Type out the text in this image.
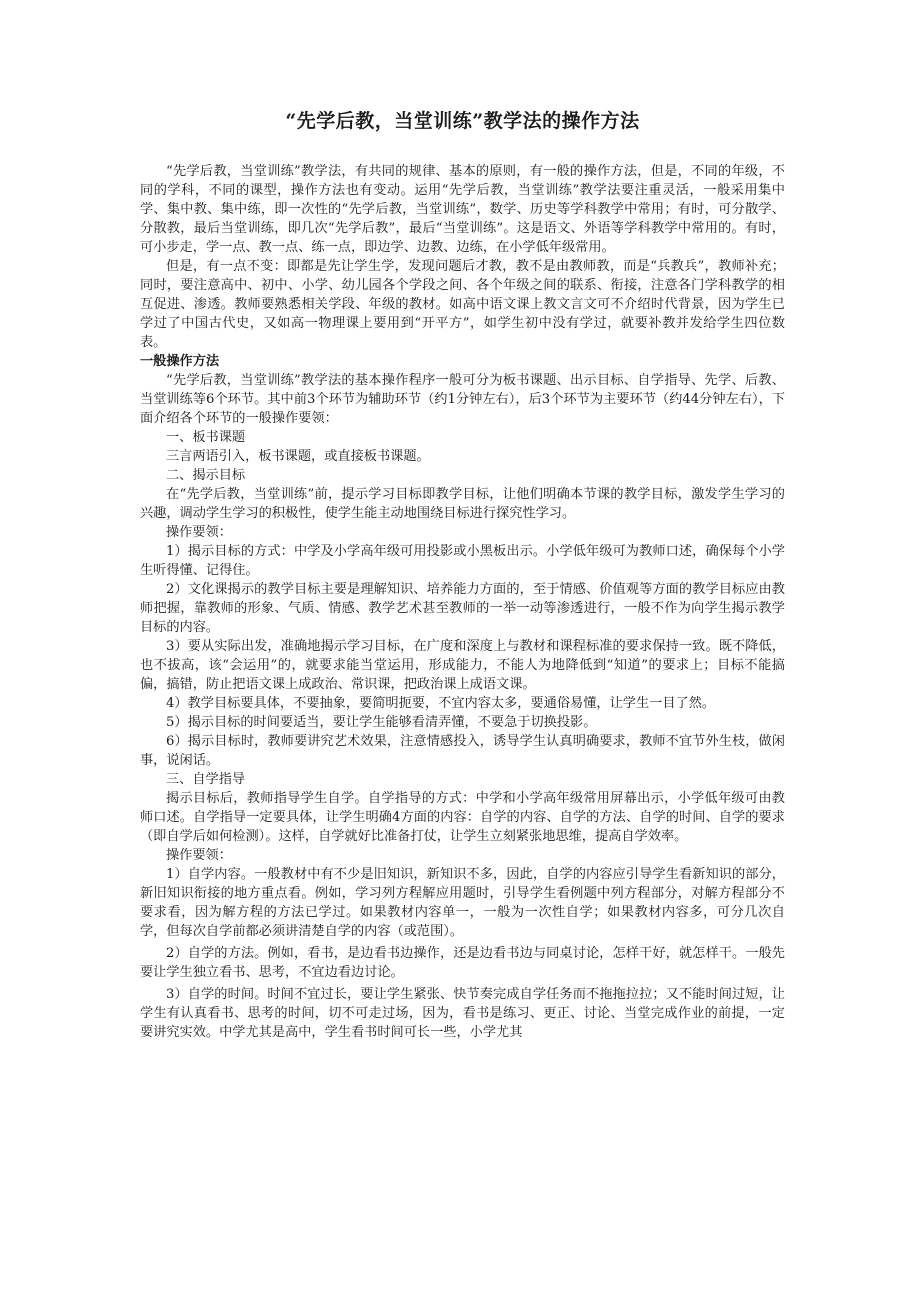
“先学后教，当堂训练”教学法的操作方法

“先学后教，当堂训练”教学法，有共同的规律、基本的原则，有一般的操作方法，但是，不同的年级，不同的学科，不同的课型，操作方法也有变动。运用“先学后教，当堂训练”教学法要注重灵活，一般采用集中学、集中教、集中练，即一次性的“先学后教，当堂训练”，数学、历史等学科教学中常用；有时，可分散学、分散教，最后当堂训练，即几次“先学后教”，最后“当堂训练”。这是语文、外语等学科教学中常用的。有时，可小步走，学一点、教一点、练一点，即边学、边教、边练，在小学低年级常用。

但是，有一点不变：即都是先让学生学，发现问题后才教，教不是由教师教，而是“兵教兵”，教师补充；同时，要注意高中、初中、小学、幼儿园各个学段之间、各个年级之间的联系、衔接，注意各门学科教学的相互促进、渗透。教师要熟悉相关学段、年级的教材。如高中语文课上教文言文可不介绍时代背景，因为学生已学过了中国古代史，又如高一物理课上要用到“开平方”，如学生初中没有学过，就要补教并发给学生四位数表。

一般操作方法

“先学后教，当堂训练”教学法的基本操作程序一般可分为板书课题、出示目标、自学指导、先学、后教、当堂训练等6个环节。其中前3个环节为辅助环节（约1分钟左右），后3个环节为主要环节（约44分钟左右），下面介绍各个环节的一般操作要领：

一、板书课题

三言两语引入，板书课题，或直接板书课题。

二、揭示目标

在“先学后教，当堂训练”前，提示学习目标即教学目标，让他们明确本节课的教学目标，激发学生学习的兴趣，调动学生学习的积极性，使学生能主动地围绕目标进行探究性学习。

操作要领：

1）揭示目标的方式：中学及小学高年级可用投影或小黑板出示。小学低年级可为教师口述，确保每个小学生听得懂、记得住。

2）文化课揭示的教学目标主要是理解知识、培养能力方面的，至于情感、价值观等方面的教学目标应由教师把握，靠教师的形象、气质、情感、教学艺术甚至教师的一举一动等渗透进行，一般不作为向学生揭示教学目标的内容。

3）要从实际出发，准确地揭示学习目标，在广度和深度上与教材和课程标准的要求保持一致。既不降低，也不拔高，该“会运用”的，就要求能当堂运用，形成能力，不能人为地降低到“知道”的要求上；目标不能搞偏，搞错，防止把语文课上成政治、常识课，把政治课上成语文课。

4）教学目标要具体，不要抽象，要简明扼要，不宜内容太多，要通俗易懂，让学生一目了然。

5）揭示目标的时间要适当，要让学生能够看清弄懂，不要急于切换投影。

6）揭示目标时，教师要讲究艺术效果，注意情感投入，诱导学生认真明确要求，教师不宜节外生枝，做闲事，说闲话。

三、自学指导

揭示目标后，教师指导学生自学。自学指导的方式：中学和小学高年级常用屏幕出示，小学低年级可由教师口述。自学指导一定要具体，让学生明确4方面的内容：自学的内容、自学的方法、自学的时间、自学的要求（即自学后如何检测）。这样，自学就好比准备打仗，让学生立刻紧张地思维，提高自学效率。

操作要领：

1）自学内容。一般教材中有不少是旧知识，新知识不多，因此，自学的内容应引导学生看新知识的部分，新旧知识衔接的地方重点看。例如，学习列方程解应用题时，引导学生看例题中列方程部分，对解方程部分不要求看，因为解方程的方法已学过。如果教材内容单一，一般为一次性自学；如果教材内容多，可分几次自学，但每次自学前都必须讲清楚自学的内容（或范围）。

2）自学的方法。例如，看书，是边看书边操作，还是边看书边与同桌讨论，怎样干好，就怎样干。一般先要让学生独立看书、思考，不宜边看边讨论。

3）自学的时间。时间不宜过长，要让学生紧张、快节奏完成自学任务而不拖拖拉拉；又不能时间过短，让学生有认真看书、思考的时间，切不可走过场，因为，看书是练习、更正、讨论、当堂完成作业的前提，一定要讲究实效。中学尤其是高中，学生看书时间可长一些，小学尤其
